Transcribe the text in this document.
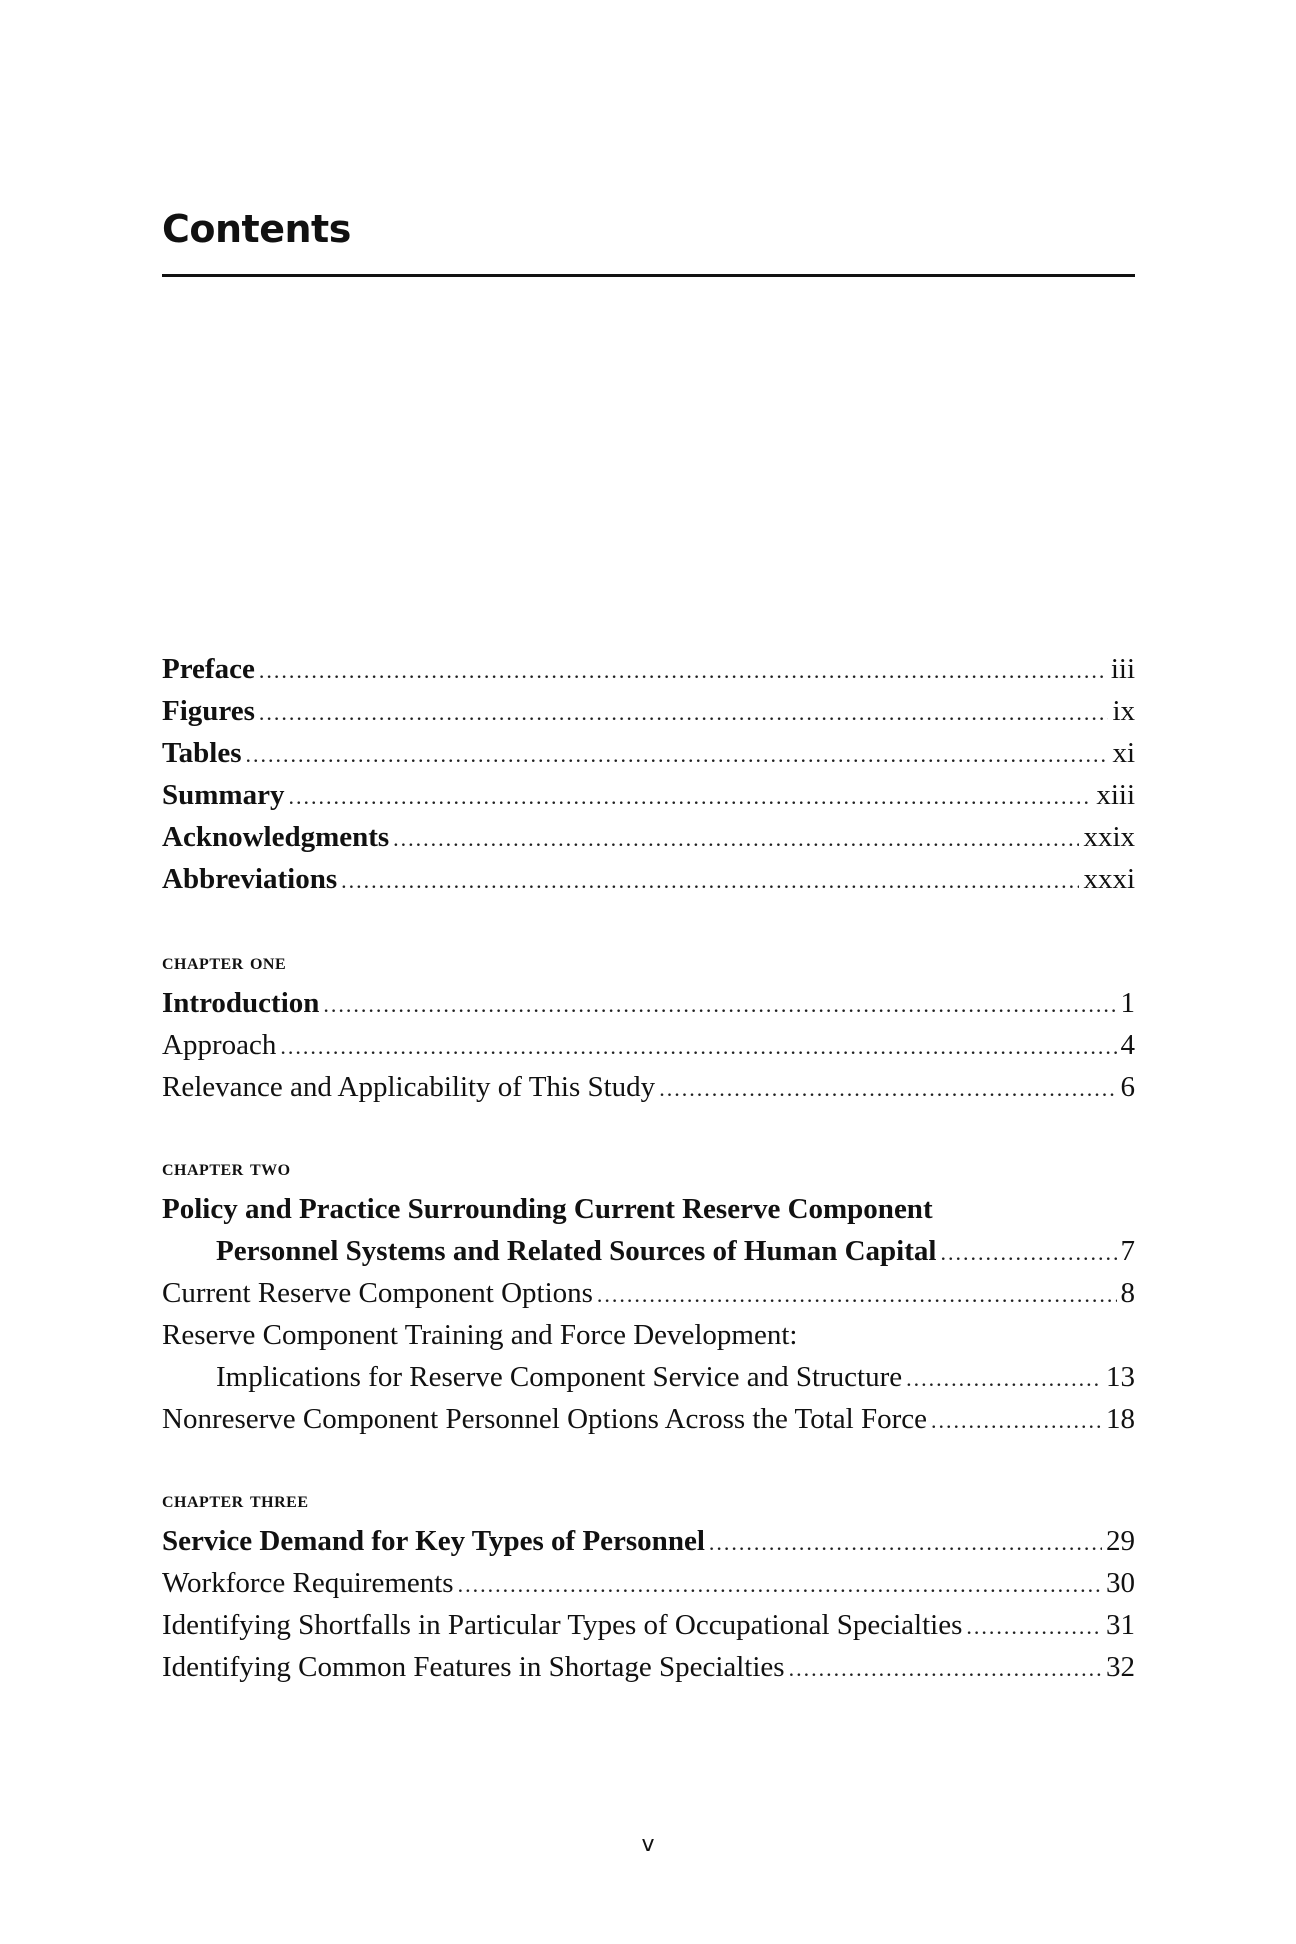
Contents
Preface .....	iii
Figures .....	ix
Tables .....	xi
Summary .....	xiii
Acknowledgments .....	xxix
Abbreviations .....	xxxi
chapter one
Introduction .....	1
Approach .....	4
Relevance and Applicability of This Study .....	6
chapter two
Policy and Practice Surrounding Current Reserve Component
Personnel Systems and Related Sources of Human Capital .....	7
Current Reserve Component Options .....	8
Reserve Component Training and Force Development:
Implications for Reserve Component Service and Structure .....	13
Nonreserve Component Personnel Options Across the Total Force .....	18
chapter three
Service Demand for Key Types of Personnel .....	29
Workforce Requirements .....	30
Identifying Shortfalls in Particular Types of Occupational Specialties .....	31
Identifying Common Features in Shortage Specialties .....	32
v
